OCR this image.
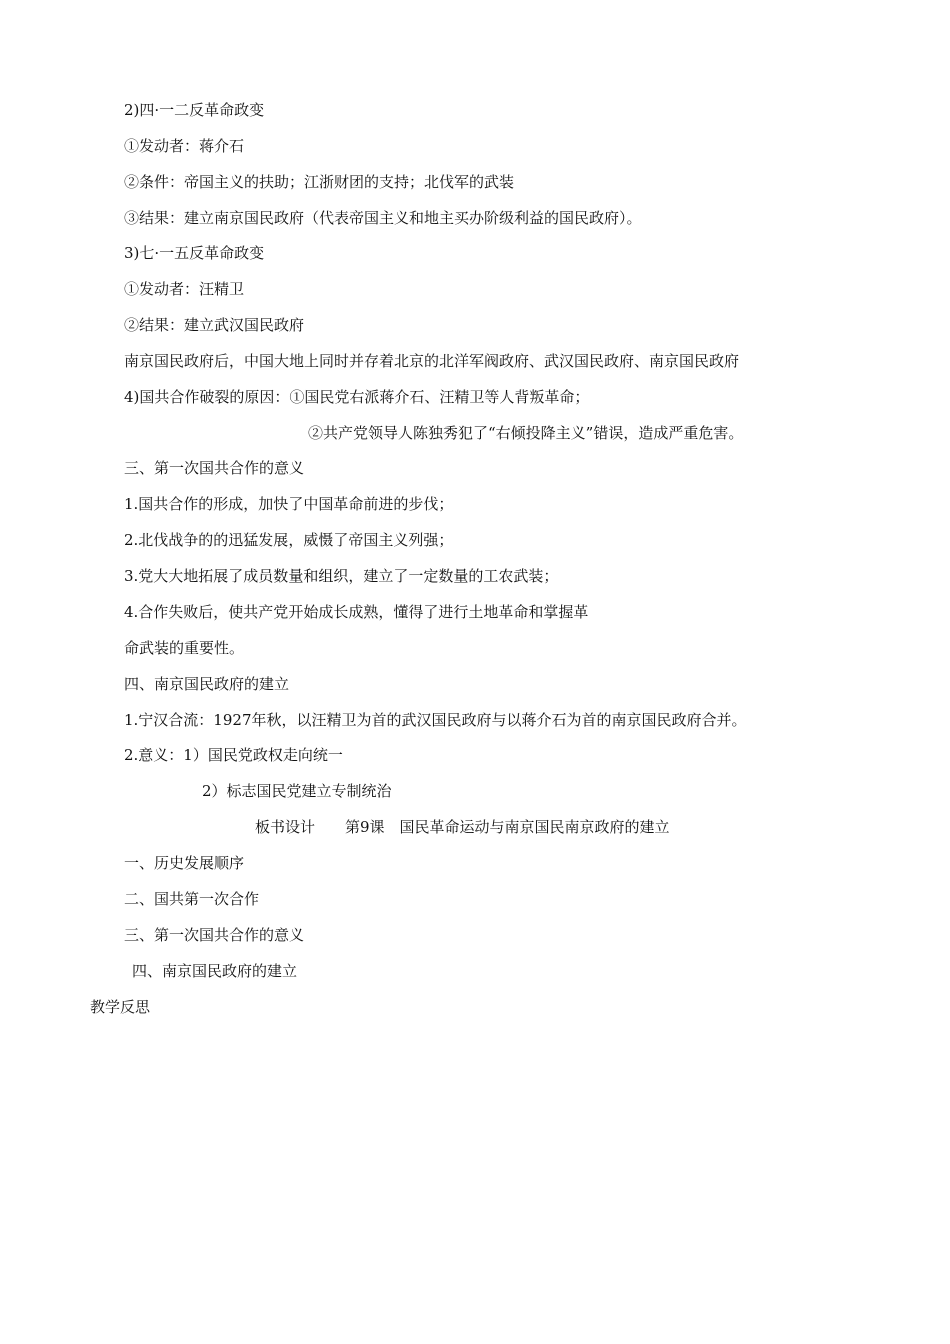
2)四·一二反革命政变
①发动者：蒋介石
②条件：帝国主义的扶助；江浙财团的支持；北伐军的武装
③结果：建立南京国民政府（代表帝国主义和地主买办阶级利益的国民政府）。
3)七·一五反革命政变
①发动者：汪精卫
②结果：建立武汉国民政府
南京国民政府后，中国大地上同时并存着北京的北洋军阀政府、武汉国民政府、南京国民政府
4)国共合作破裂的原因：①国民党右派蒋介石、汪精卫等人背叛革命；
②共产党领导人陈独秀犯了“右倾投降主义”错误，造成严重危害。
三、第一次国共合作的意义
1.国共合作的形成，加快了中国革命前进的步伐；
2.北伐战争的的迅猛发展，威慑了帝国主义列强；
3.党大大地拓展了成员数量和组织，建立了一定数量的工农武装；
4.合作失败后，使共产党开始成长成熟，懂得了进行土地革命和掌握革
命武装的重要性。
四、南京国民政府的建立
1.宁汉合流：1927年秋，以汪精卫为首的武汉国民政府与以蒋介石为首的南京国民政府合并。
2.意义：1）国民党政权走向统一
2）标志国民党建立专制统治
板书设计　　第9课　国民革命运动与南京国民南京政府的建立
一、历史发展顺序
二、国共第一次合作
三、第一次国共合作的意义
四、南京国民政府的建立
教学反思
